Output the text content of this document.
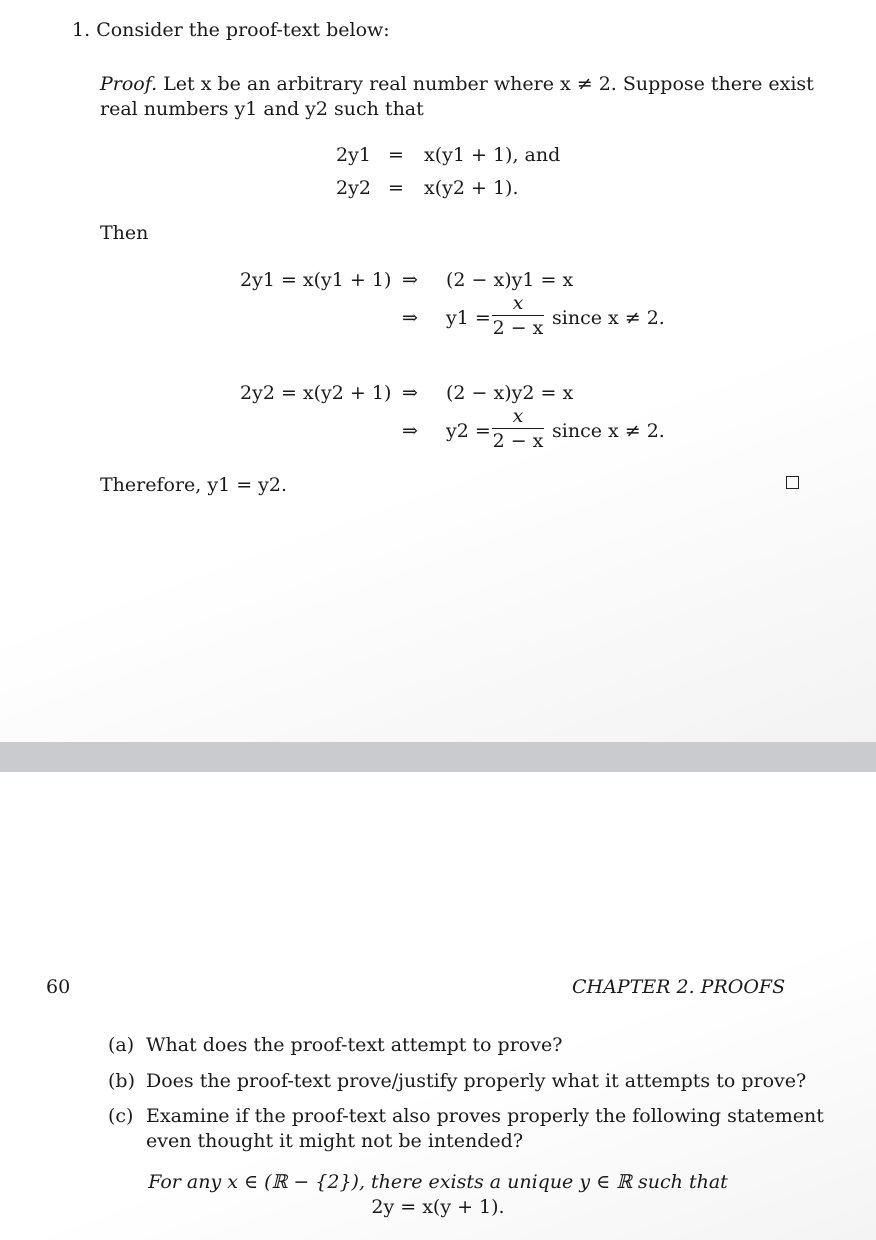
1. Consider the proof-text below:
Proof. Let x be an arbitrary real number where x ≠ 2. Suppose there exist
real numbers y1 and y2 such that
2y1 = x(y1 + 1), and
2y2 = x(y2 + 1).
Then
2y1 = x(y1 + 1) ⇒ (2 − x)y1 = x
⇒ y1 =
x
2 − x since x ≠ 2.
2y2 = x(y2 + 1) ⇒ (2 − x)y2 = x
⇒ y2 =
x
2 − x since x ≠ 2.
Therefore, y1 = y2.
60	CHAPTER 2. PROOFS
(a) What does the proof-text attempt to prove?
(b) Does the proof-text prove/justify properly what it attempts to prove?
(c) Examine if the proof-text also proves properly the following statement
even thought it might not be intended?
For any x ∈ (ℝ − {2}), there exists a unique y ∈ ℝ such that
2y = x(y + 1).
